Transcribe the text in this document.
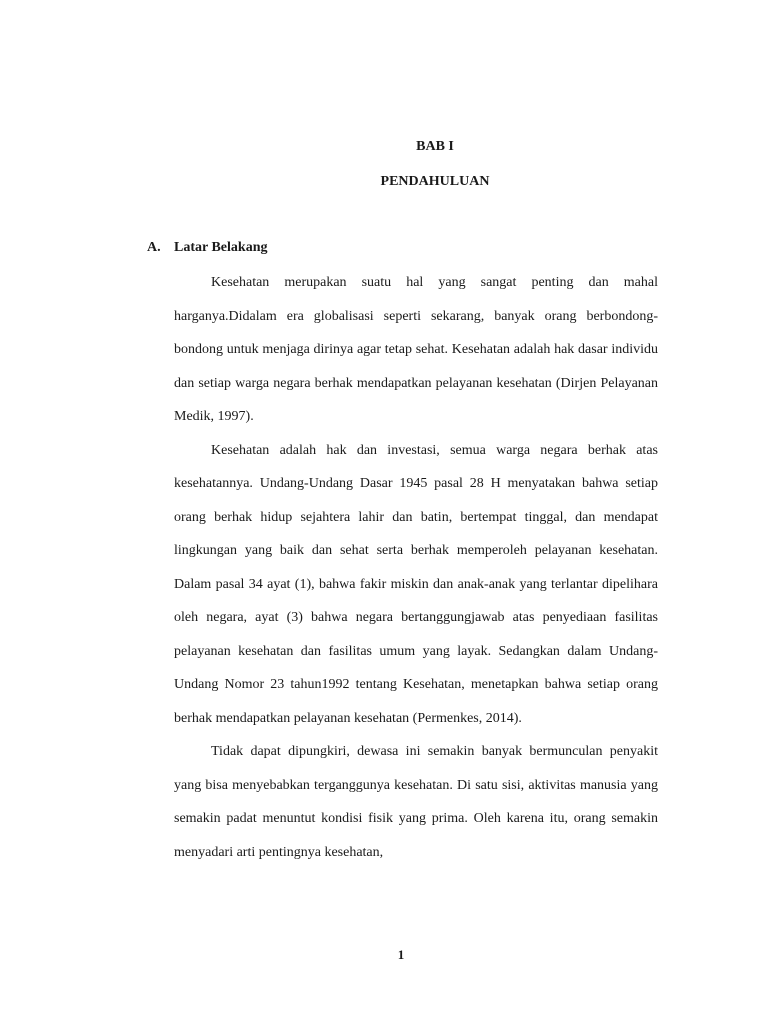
BAB I
PENDAHULUAN
A. Latar Belakang

Kesehatan merupakan suatu hal yang sangat penting dan mahal harganya.Didalam era globalisasi seperti sekarang, banyak orang berbondong-bondong untuk menjaga dirinya agar tetap sehat. Kesehatan adalah hak dasar individu dan setiap warga negara berhak mendapatkan pelayanan kesehatan (Dirjen Pelayanan Medik, 1997).

Kesehatan adalah hak dan investasi, semua warga negara berhak atas kesehatannya. Undang-Undang Dasar 1945 pasal 28 H menyatakan bahwa setiap orang berhak hidup sejahtera lahir dan batin, bertempat tinggal, dan mendapat lingkungan yang baik dan sehat serta berhak memperoleh pelayanan kesehatan. Dalam pasal 34 ayat (1), bahwa fakir miskin dan anak-anak yang terlantar dipelihara oleh negara, ayat (3) bahwa negara bertanggungjawab atas penyediaan fasilitas pelayanan kesehatan dan fasilitas umum yang layak. Sedangkan dalam Undang-Undang Nomor 23 tahun1992 tentang Kesehatan, menetapkan bahwa setiap orang berhak mendapatkan pelayanan kesehatan (Permenkes, 2014).

Tidak dapat dipungkiri, dewasa ini semakin banyak bermunculan penyakit yang bisa menyebabkan terganggunya kesehatan. Di satu sisi, aktivitas manusia yang semakin padat menuntut kondisi fisik yang prima. Oleh karena itu, orang semakin menyadari arti pentingnya kesehatan,

1
